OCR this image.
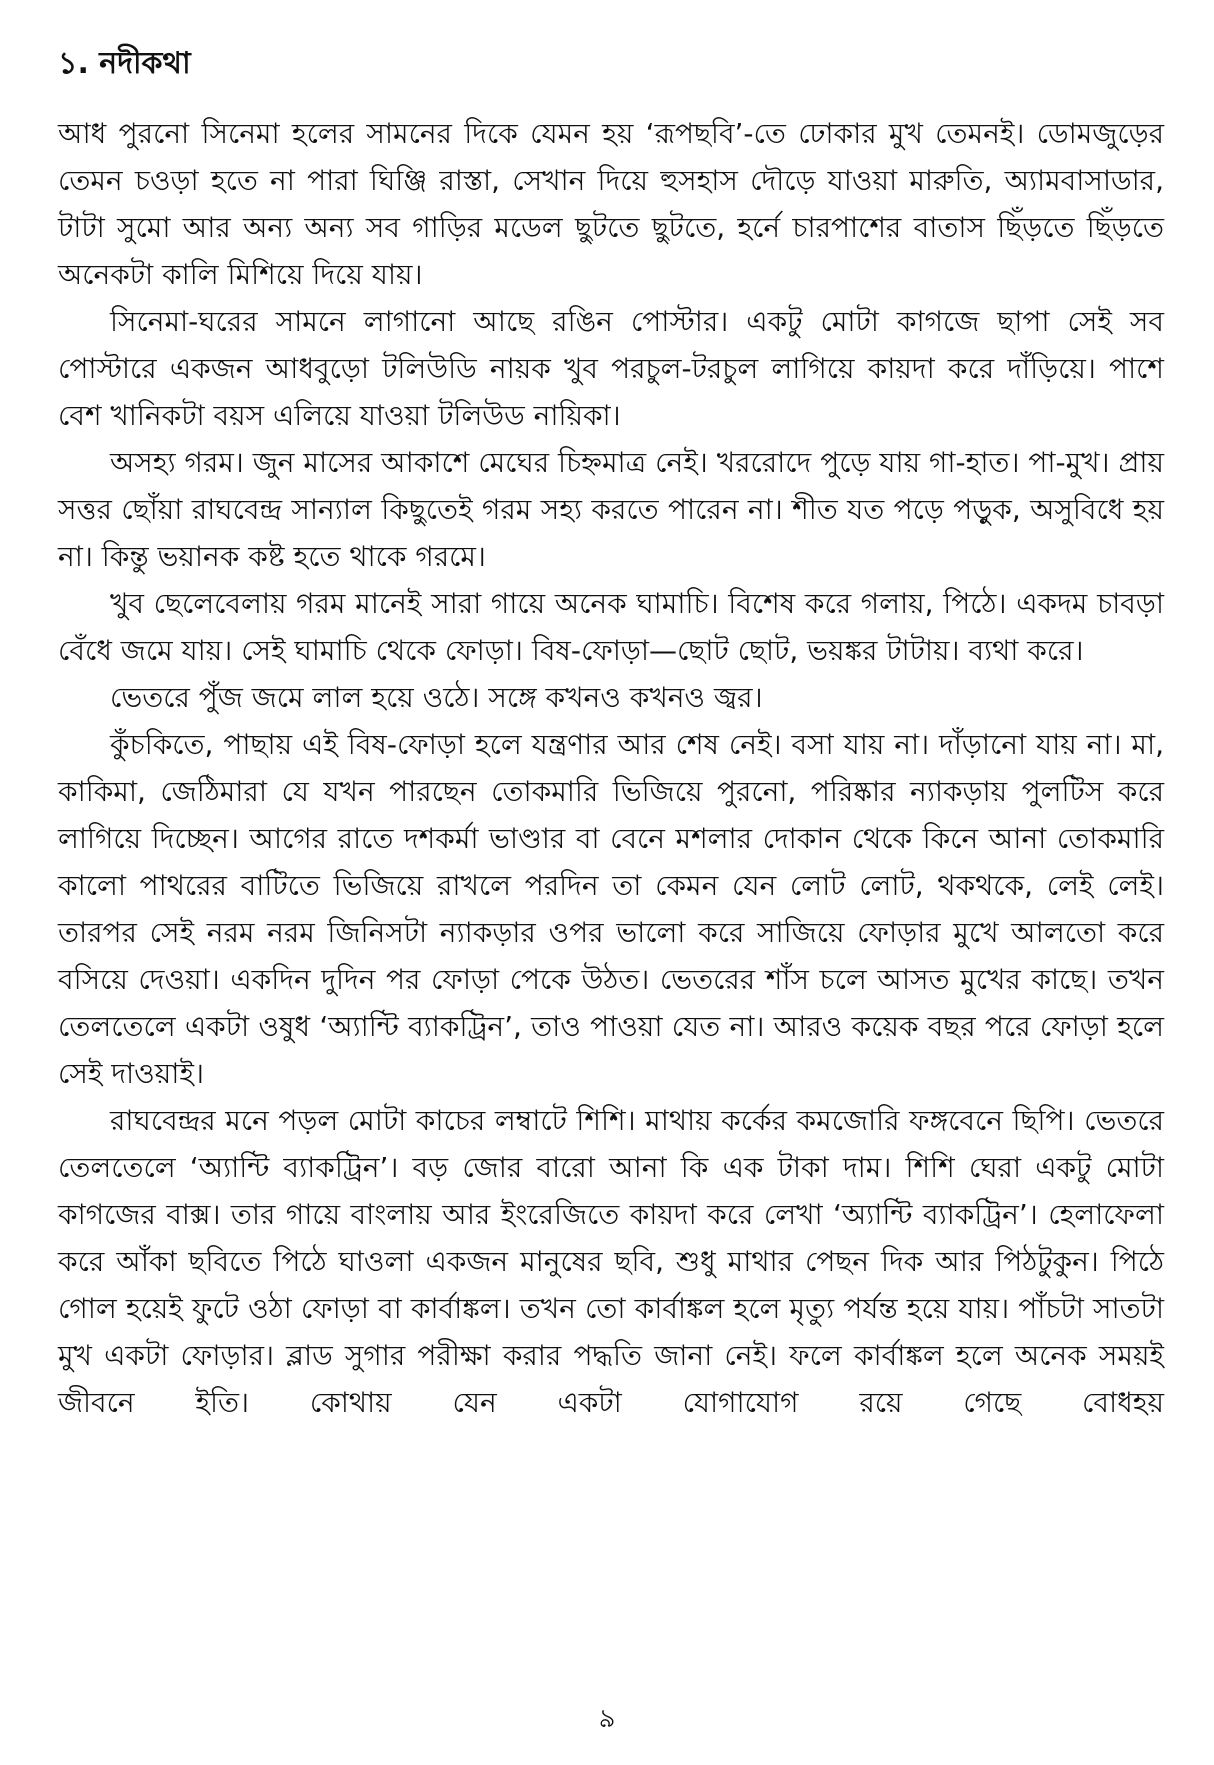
১. নদীকথা

আধ পুরনো সিনেমা হলের সামনের দিকে যেমন হয় ‘রূপছবি’-তে ঢোকার মুখ তেমনই। ডোমজুড়ের তেমন চওড়া হতে না পারা ঘিঞ্জি রাস্তা, সেখান দিয়ে হুসহাস দৌড়ে যাওয়া মারুতি, অ্যামবাসাডার, টাটা সুমো আর অন্য অন্য সব গাড়ির মডেল ছুটতে ছুটতে, হর্নে চারপাশের বাতাস ছিঁড়তে ছিঁড়তে অনেকটা কালি মিশিয়ে দিয়ে যায়।

সিনেমা-ঘরের সামনে লাগানো আছে রঙিন পোস্টার। একটু মোটা কাগজে ছাপা সেই সব পোস্টারে একজন আধবুড়ো টলিউডি নায়ক খুব পরচুল-টরচুল লাগিয়ে কায়দা করে দাঁড়িয়ে। পাশে বেশ খানিকটা বয়স এলিয়ে যাওয়া টলিউড নায়িকা।

অসহ্য গরম। জুন মাসের আকাশে মেঘের চিহ্নমাত্র নেই। খররোদে পুড়ে যায় গা-হাত। পা-মুখ। প্রায় সত্তর ছোঁয়া রাঘবেন্দ্র সান্যাল কিছুতেই গরম সহ্য করতে পারেন না। শীত যত পড়ে পড়ুক, অসুবিধে হয় না। কিন্তু ভয়ানক কষ্ট হতে থাকে গরমে।

খুব ছেলেবেলায় গরম মানেই সারা গায়ে অনেক ঘামাচি। বিশেষ করে গলায়, পিঠে। একদম চাবড়া বেঁধে জমে যায়। সেই ঘামাচি থেকে ফোড়া। বিষ-ফোড়া—ছোট ছোট, ভয়ঙ্কর টাটায়। ব্যথা করে।

ভেতরে পুঁজ জমে লাল হয়ে ওঠে। সঙ্গে কখনও কখনও জ্বর।

কুঁচকিতে, পাছায় এই বিষ-ফোড়া হলে যন্ত্রণার আর শেষ নেই। বসা যায় না। দাঁড়ানো যায় না। মা, কাকিমা, জেঠিমারা যে যখন পারছেন তোকমারি ভিজিয়ে পুরনো, পরিষ্কার ন্যাকড়ায় পুলটিস করে লাগিয়ে দিচ্ছেন। আগের রাতে দশকর্মা ভাণ্ডার বা বেনে মশলার দোকান থেকে কিনে আনা তোকমারি কালো পাথরের বাটিতে ভিজিয়ে রাখলে পরদিন তা কেমন যেন লোট লোট, থকথকে, লেই লেই। তারপর সেই নরম নরম জিনিসটা ন্যাকড়ার ওপর ভালো করে সাজিয়ে ফোড়ার মুখে আলতো করে বসিয়ে দেওয়া। একদিন দুদিন পর ফোড়া পেকে উঠত। ভেতরের শাঁস চলে আসত মুখের কাছে। তখন তেলতেলে একটা ওষুধ ‘অ্যান্টি ব্যাকট্রিন’, তাও পাওয়া যেত না। আরও কয়েক বছর পরে ফোড়া হলে সেই দাওয়াই।

রাঘবেন্দ্রর মনে পড়ল মোটা কাচের লম্বাটে শিশি। মাথায় কর্কের কমজোরি ফঙ্গবেনে ছিপি। ভেতরে তেলতেলে ‘অ্যান্টি ব্যাকট্রিন’। বড় জোর বারো আনা কি এক টাকা দাম। শিশি ঘেরা একটু মোটা কাগজের বাক্স। তার গায়ে বাংলায় আর ইংরেজিতে কায়দা করে লেখা ‘অ্যান্টি ব্যাকট্রিন’। হেলাফেলা করে আঁকা ছবিতে পিঠে ঘাওলা একজন মানুষের ছবি, শুধু মাথার পেছন দিক আর পিঠটুকুন। পিঠে গোল হয়েই ফুটে ওঠা ফোড়া বা কার্বাঙ্কল। তখন তো কার্বাঙ্কল হলে মৃত্যু পর্যন্ত হয়ে যায়। পাঁচটা সাতটা মুখ একটা ফোড়ার। ব্লাড সুগার পরীক্ষা করার পদ্ধতি জানা নেই। ফলে কার্বাঙ্কল হলে অনেক সময়ই জীবনে ইতি। কোথায় যেন একটা যোগাযোগ রয়ে গেছে বোধহয়

৯
